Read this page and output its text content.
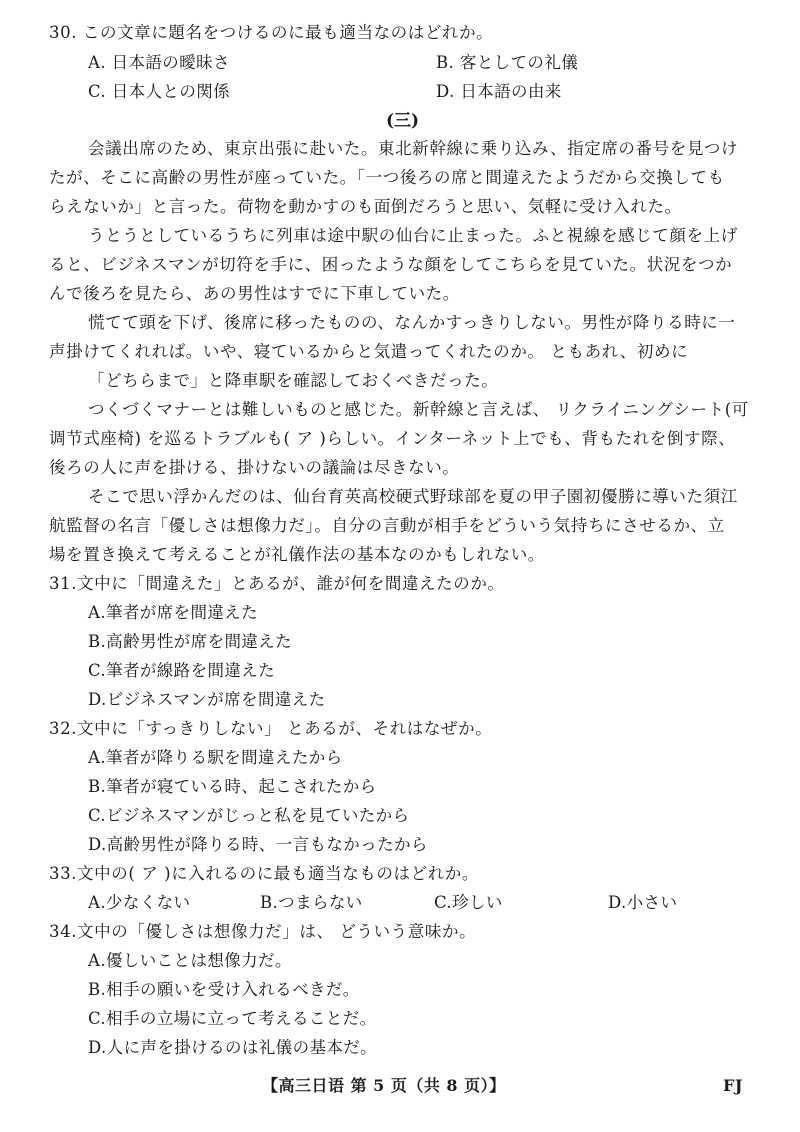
30. この文章に題名をつけるのに最も適当なのはどれか。
A. 日本語の曖昧さ	B. 客としての礼儀
C. 日本人との関係	D. 日本語の由来
(三)
会議出席のため、東京出張に赴いた。東北新幹線に乗り込み、指定席の番号を見つけ
たが、そこに高齢の男性が座っていた。「一つ後ろの席と間違えたようだから交換しても
らえないか」と言った。荷物を動かすのも面倒だろうと思い、気軽に受け入れた。
うとうとしているうちに列車は途中駅の仙台に止まった。ふと視線を感じて顔を上げ
ると、ビジネスマンが切符を手に、困ったような顔をしてこちらを見ていた。状況をつか
んで後ろを見たら、あの男性はすでに下車していた。
慌てて頭を下げ、後席に移ったものの、なんかすっきりしない。男性が降りる時に一
声掛けてくれれば。いや、寝ているからと気遣ってくれたのか。 ともあれ、初めに
「どちらまで」と降車駅を確認しておくべきだった。
つくづくマナーとは難しいものと感じた。新幹線と言えば、 リクライニングシート(可
调节式座椅) を巡るトラブルも( ア )らしい。インターネット上でも、背もたれを倒す際、
後ろの人に声を掛ける、掛けないの議論は尽きない。
そこで思い浮かんだのは、仙台育英高校硬式野球部を夏の甲子園初優勝に導いた須江
航監督の名言「優しさは想像力だ」。自分の言動が相手をどういう気持ちにさせるか、立
場を置き換えて考えることが礼儀作法の基本なのかもしれない。
31.文中に「間違えた」とあるが、誰が何を間違えたのか。
A.筆者が席を間違えた
B.高齢男性が席を間違えた
C.筆者が線路を間違えた
D.ビジネスマンが席を間違えた
32.文中に「すっきりしない」 とあるが、それはなぜか。
A.筆者が降りる駅を間違えたから
B.筆者が寝ている時、起こされたから
C.ビジネスマンがじっと私を見ていたから
D.高齢男性が降りる時、一言もなかったから
33.文中の( ア )に入れるのに最も適当なものはどれか。
A.少なくない	B.つまらない	C.珍しい	D.小さい
34.文中の「優しさは想像力だ」は、 どういう意味か。
A.優しいことは想像力だ。
B.相手の願いを受け入れるべきだ。
C.相手の立場に立って考えることだ。
D.人に声を掛けるのは礼儀の基本だ。
【高三日语 第 5 页（共 8 页）】	FJ
